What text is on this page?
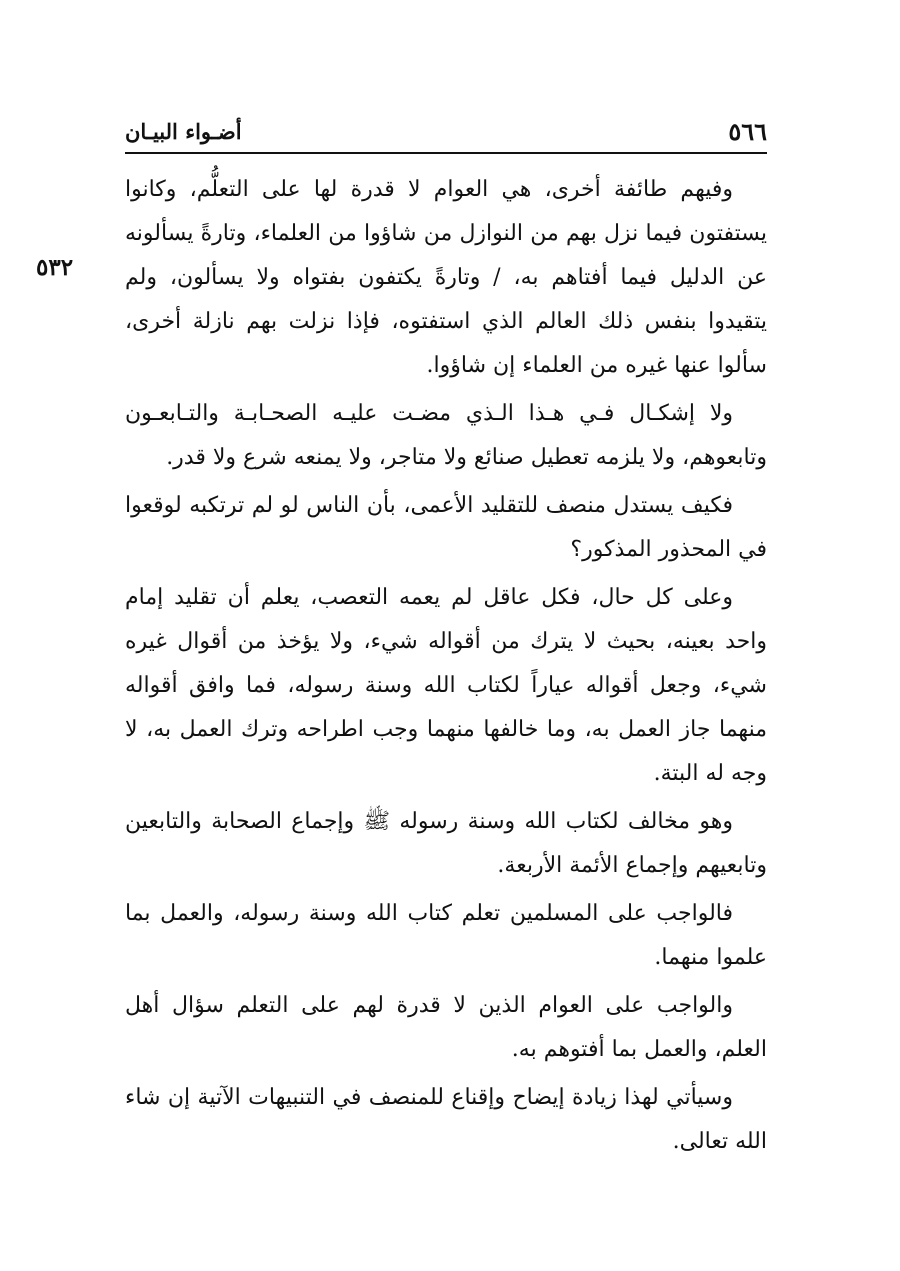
٥٦٦
أضـواء البيـان
٥٣٢

وفيهم طائفة أخرى، هي العوام لا قدرة لها على التعلُّم، وكانوا يستفتون فيما نزل بهم من النوازل من شاؤوا من العلماء، وتارةً يسألونه عن الدليل فيما أفتاهم به، / وتارةً يكتفون بفتواه ولا يسألون، ولم يتقيدوا بنفس ذلك العالم الذي استفتوه، فإذا نزلت بهم نازلة أخرى، سألوا عنها غيره من العلماء إن شاؤوا.

ولا إشكـال فـي هـذا الـذي مضـت عليـه الصحـابـة والتـابعـون وتابعوهم، ولا يلزمه تعطيل صنائع ولا متاجر، ولا يمنعه شرع ولا قدر.

فكيف يستدل منصف للتقليد الأعمى، بأن الناس لو لم ترتكبه لوقعوا في المحذور المذكور؟

وعلى كل حال، فكل عاقل لم يعمه التعصب، يعلم أن تقليد إمام واحد بعينه، بحيث لا يترك من أقواله شيء، ولا يؤخذ من أقوال غيره شيء، وجعل أقواله عياراً لكتاب الله وسنة رسوله، فما وافق أقواله منهما جاز العمل به، وما خالفها منهما وجب اطراحه وترك العمل به، لا وجه له البتة.

وهو مخالف لكتاب الله وسنة رسوله ﷺ وإجماع الصحابة والتابعين وتابعيهم وإجماع الأئمة الأربعة.

فالواجب على المسلمين تعلم كتاب الله وسنة رسوله، والعمل بما علموا منهما.

والواجب على العوام الذين لا قدرة لهم على التعلم سؤال أهل العلم، والعمل بما أفتوهم به.

وسيأتي لهذا زيادة إيضاح وإقناع للمنصف في التنبيهات الآتية إن شاء الله تعالى.
